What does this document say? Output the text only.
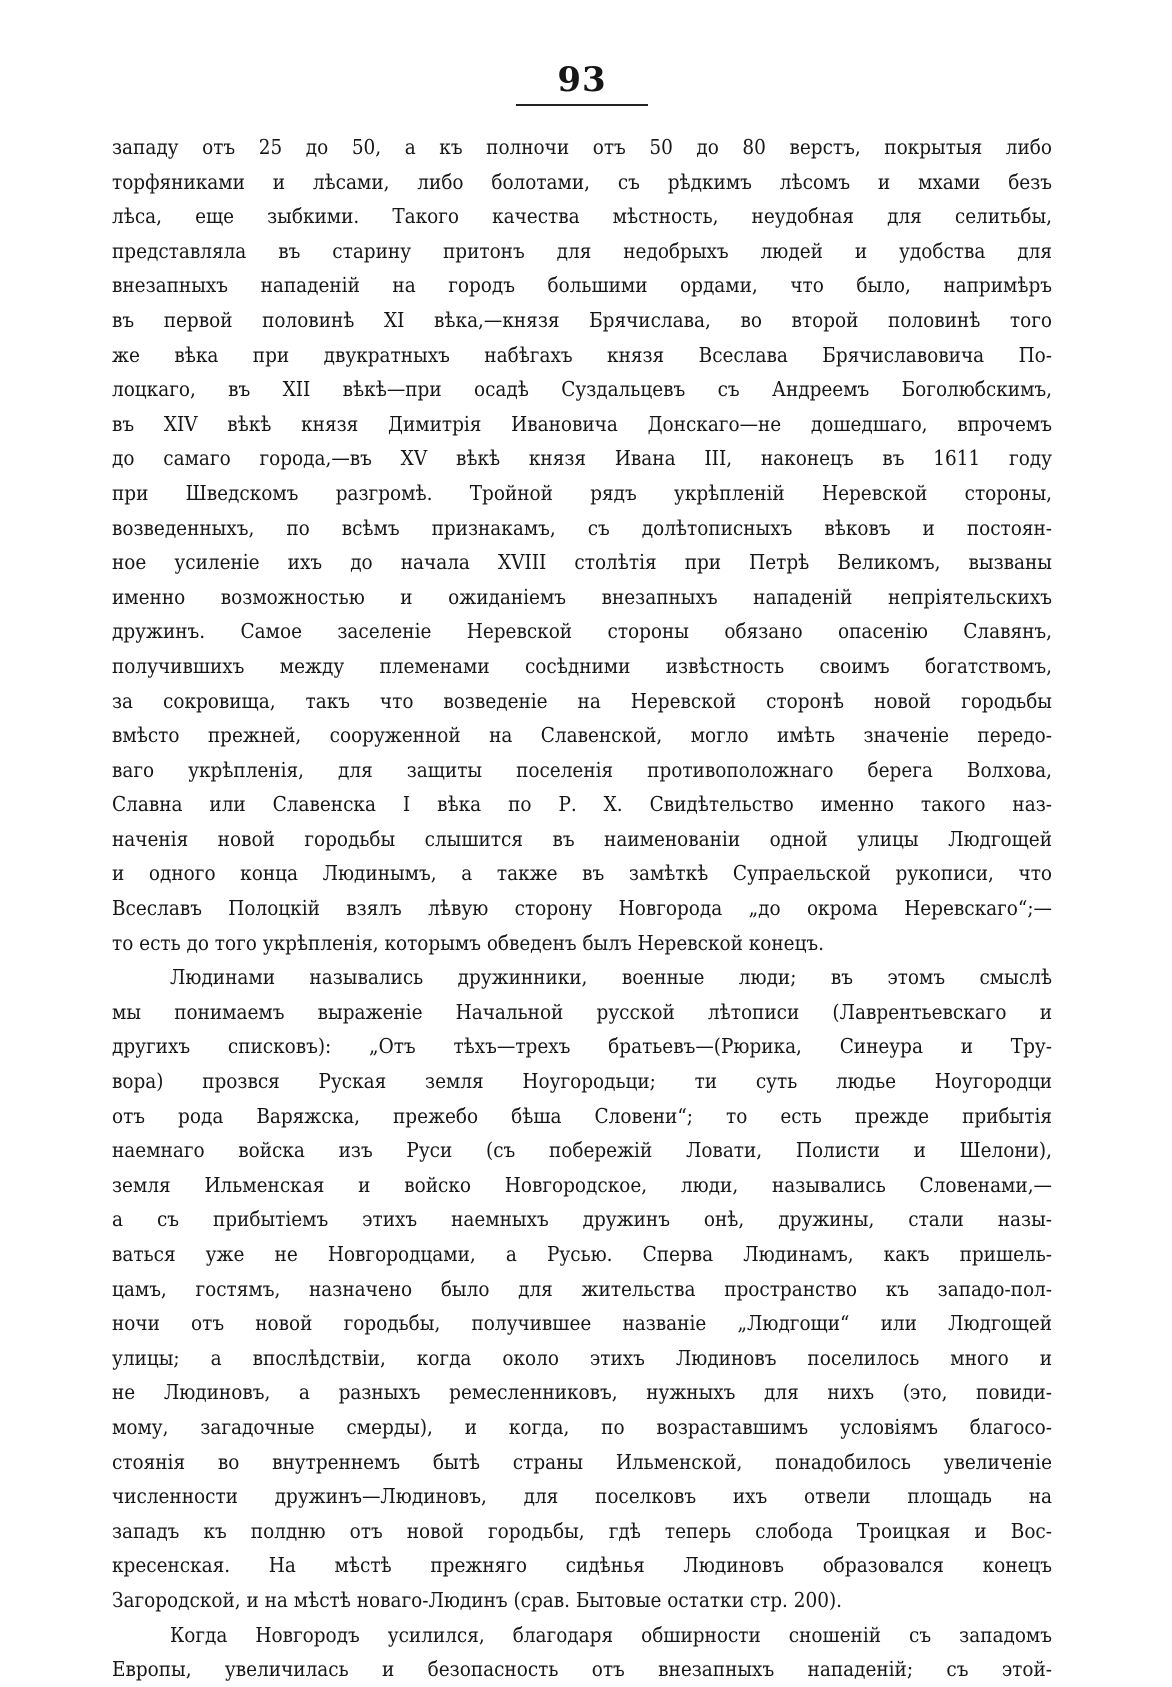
93
западу отъ 25 до 50, а къ полночи отъ 50 до 80 верстъ, покрытыя либо
торфяниками и лѣсами, либо болотами, съ рѣдкимъ лѣсомъ и мхами безъ
лѣса, еще зыбкими. Такого качества мѣстность, неудобная для селитьбы,
представляла въ старину притонъ для недобрыхъ людей и удобства для
внезапныхъ нападеній на городъ большими ордами, что было, напримѣръ
въ первой половинѣ XI вѣка,—князя Брячислава, во второй половинѣ того
же вѣка при двукратныхъ набѣгахъ князя Всеслава Брячиславовича По-
лоцкаго, въ XII вѣкѣ—при осадѣ Суздальцевъ съ Андреемъ Боголюбскимъ,
въ XIV вѣкѣ князя Димитрія Ивановича Донскаго—не дошедшаго, впрочемъ
до самаго города,—въ XV вѣкѣ князя Ивана III, наконецъ въ 1611 году
при Шведскомъ разгромѣ. Тройной рядъ укрѣпленій Неревской стороны,
возведенныхъ, по всѣмъ признакамъ, съ долѣтописныхъ вѣковъ и постоян-
ное усиленіе ихъ до начала XVIII столѣтія при Петрѣ Великомъ, вызваны
именно возможностью и ожиданіемъ внезапныхъ нападеній непріятельскихъ
дружинъ. Самое заселеніе Неревской стороны обязано опасенію Славянъ,
получившихъ между племенами сосѣдними извѣстность своимъ богатствомъ,
за сокровища, такъ что возведеніе на Неревской сторонѣ новой городьбы
вмѣсто прежней, сооруженной на Славенской, могло имѣть значеніе передо-
ваго укрѣпленія, для защиты поселенія противоположнаго берега Волхова,
Славна или Славенска I вѣка по Р. X. Свидѣтельство именно такого наз-
наченія новой городьбы слышится въ наименованіи одной улицы Людгощей
и одного конца Людинымъ, а также въ замѣткѣ Супраельской рукописи, что
Всеславъ Полоцкій взялъ лѣвую сторону Новгорода „до окрома Неревскаго“;—
то есть до того укрѣпленія, которымъ обведенъ былъ Неревской конецъ.
Людинами назывались дружинники, военные люди; въ этомъ смыслѣ
мы понимаемъ выраженіе Начальной русской лѣтописи (Лаврентьевскаго и
другихъ списковъ): „Отъ тѣхъ—трехъ братьевъ—(Рюрика, Синеура и Тру-
вора) прозвся Руская земля Ноугородьци; ти суть людье Ноугородци
отъ рода Варяжска, прежебо бѣша Словени“; то есть прежде прибытія
наемнаго войска изъ Руси (съ побережій Ловати, Полисти и Шелони),
земля Ильменская и войско Новгородское, люди, назывались Словенами,—
а съ прибытіемъ этихъ наемныхъ дружинъ онѣ, дружины, стали назы-
ваться уже не Новгородцами, а Русью. Сперва Людинамъ, какъ пришель-
цамъ, гостямъ, назначено было для жительства пространство къ западо-пол-
ночи отъ новой городьбы, получившее названіе „Людгощи“ или Людгощей
улицы; а впослѣдствіи, когда около этихъ Людиновъ поселилось много и
не Людиновъ, а разныхъ ремесленниковъ, нужныхъ для нихъ (это, повиди-
мому, загадочные смерды), и когда, по возраставшимъ условіямъ благосо-
стоянія во внутреннемъ бытѣ страны Ильменской, понадобилось увеличеніе
численности дружинъ—Людиновъ, для поселковъ ихъ отвели площадь на
западъ къ полдню отъ новой городьбы, гдѣ теперь слобода Троицкая и Вос-
кресенская. На мѣстѣ прежняго сидѣнья Людиновъ образовался конецъ
Загородской, и на мѣстѣ новаго-Людинъ (срав. Бытовые остатки стр. 200).
Когда Новгородъ усилился, благодаря обширности сношеній съ западомъ
Европы, увеличилась и безопасность отъ внезапныхъ нападеній; съ этой-
